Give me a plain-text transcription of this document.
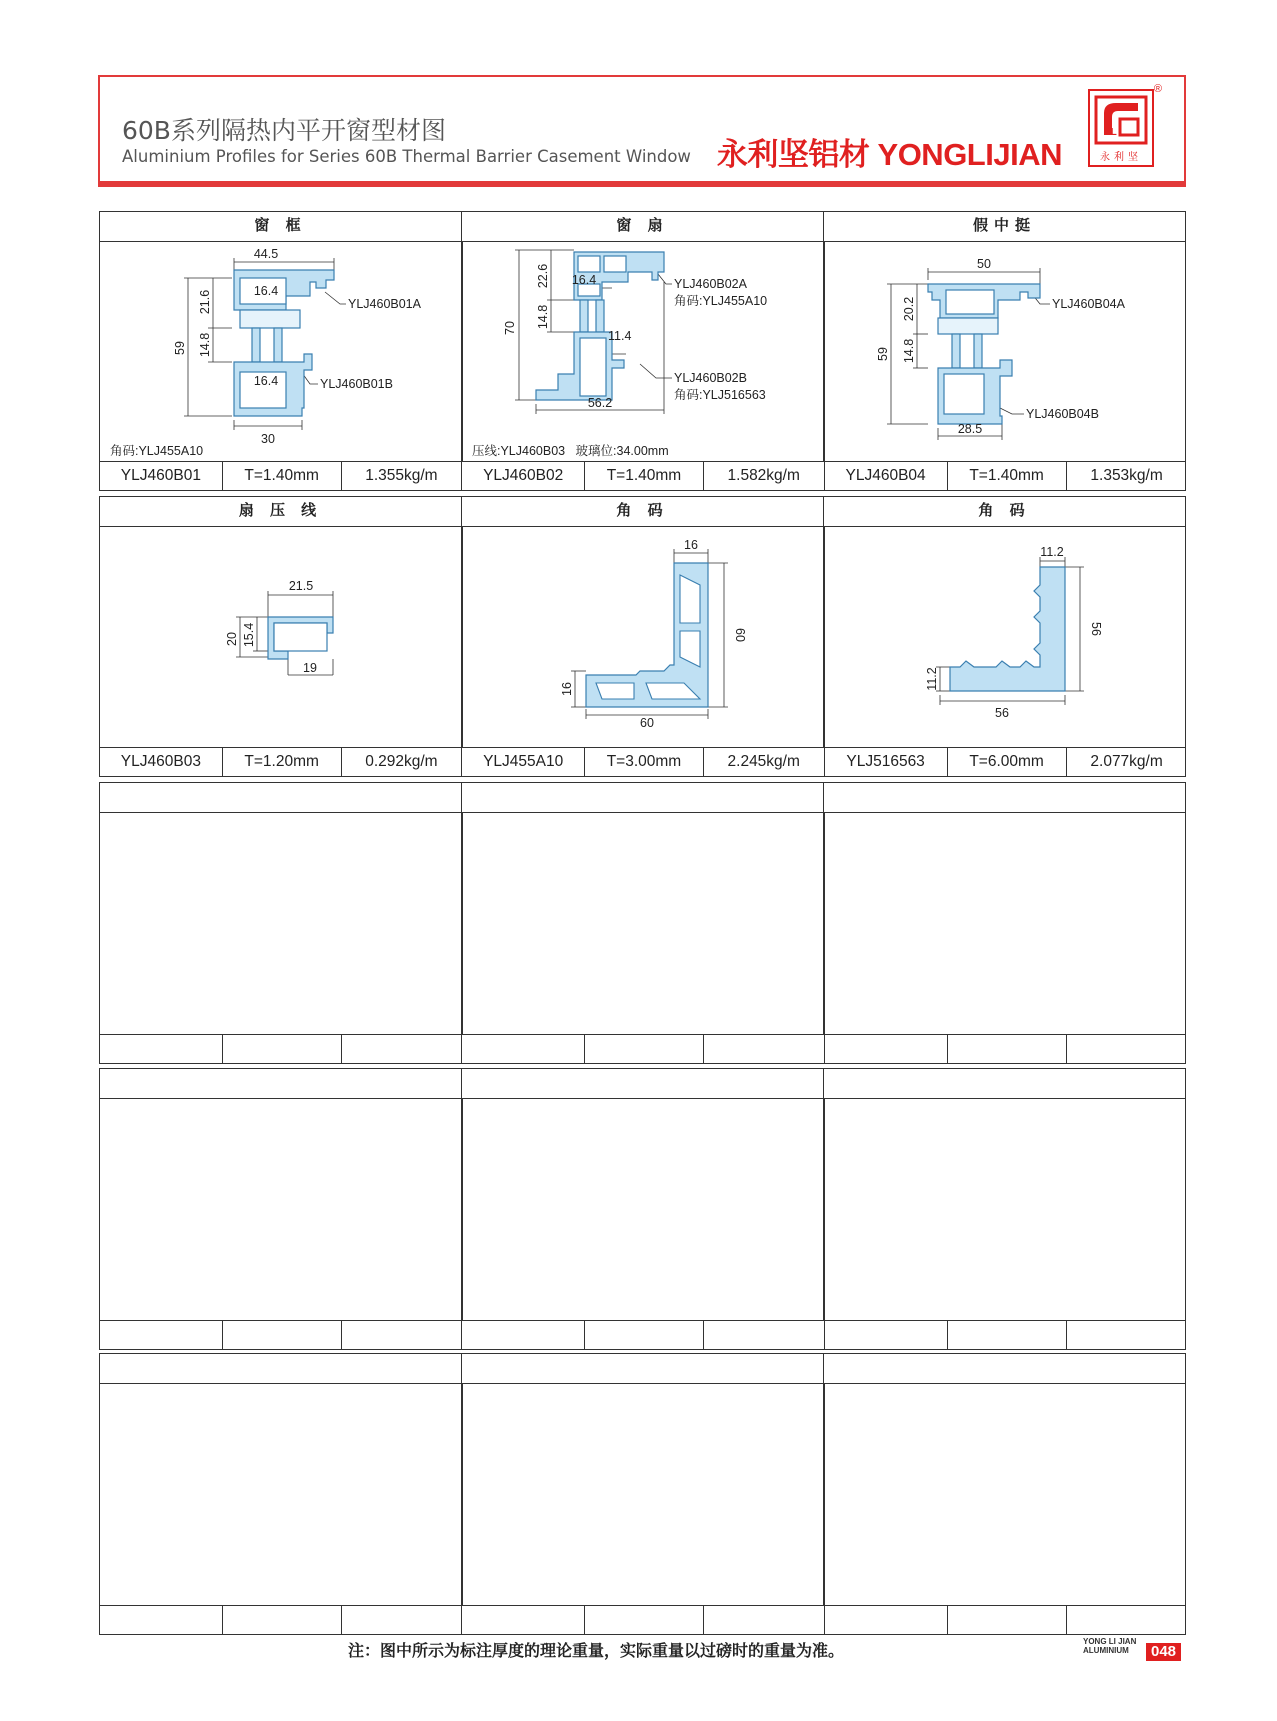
60B系列隔热内平开窗型材图
Aluminium Profiles for Series 60B Thermal Barrier Casement Window 永利坚铝材 YONGLIJIAN
YL
永利坚
®
窗 框	窗 扇	假中挺
44.5
16.4
16.4
30
YLJ460B01A
YLJ460B01B
59
21.6
14.8
角码:YLJ455A10
16.4
11.4
56.2
YLJ460B02A
角码:YLJ455A10
YLJ460B02B
角码:YLJ516563
70
22.6
14.8
压线:YLJ460B03   玻璃位:34.00mm
50
28.5
YLJ460B04A
YLJ460B04B
59
20.2
14.8
YLJ460B01	T=1.40mm	1.355kg/m	YLJ460B02	T=1.40mm	1.582kg/m	YLJ460B04	T=1.40mm	1.353kg/m
扇 压 线	角 码	角 码
21.5
19
20 15.4
16
60
60
16
11.2
56
56
11.2
YLJ460B03	T=1.20mm	0.292kg/m	YLJ455A10	T=3.00mm	2.245kg/m	YLJ516563	T=6.00mm	2.077kg/m
注：图中所示为标注厚度的理论重量，实际重量以过磅时的重量为准。	YONG LI JIAN
ALUMINIUM	048
